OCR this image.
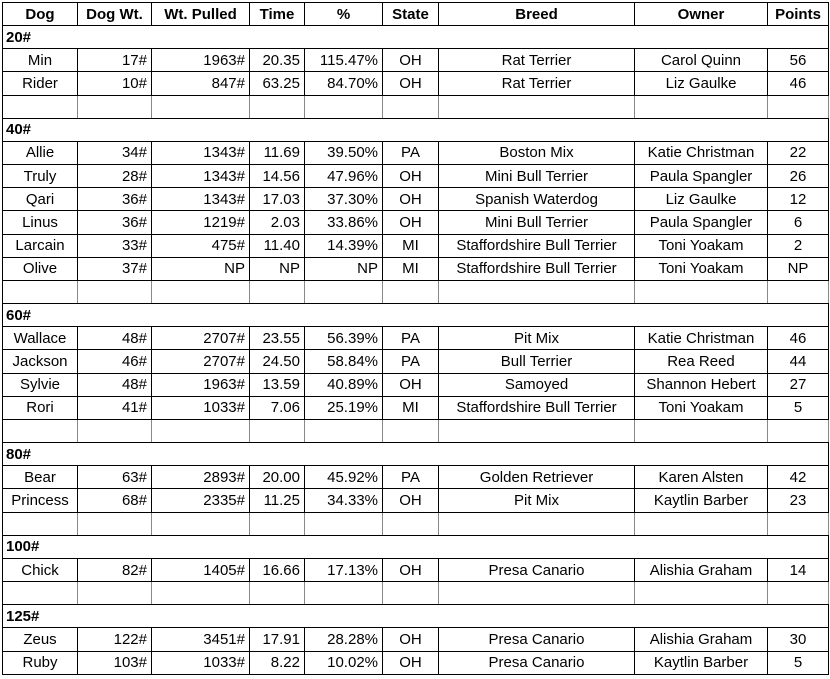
Dog	Dog Wt.	Wt. Pulled	Time	%	State	Breed	Owner	Points
20#								
Min	17#	1963#	20.35	115.47%	OH	Rat Terrier	Carol Quinn	56
Rider	10#	847#	63.25	84.70%	OH	Rat Terrier	Liz Gaulke	46

40#								
Allie	34#	1343#	11.69	39.50%	PA	Boston Mix	Katie Christman	22
Truly	28#	1343#	14.56	47.96%	OH	Mini Bull Terrier	Paula Spangler	26
Qari	36#	1343#	17.03	37.30%	OH	Spanish Waterdog	Liz Gaulke	12
Linus	36#	1219#	2.03	33.86%	OH	Mini Bull Terrier	Paula Spangler	6
Larcain	33#	475#	11.40	14.39%	MI	Staffordshire Bull Terrier	Toni Yoakam	2
Olive	37#	NP	NP	NP	MI	Staffordshire Bull Terrier	Toni Yoakam	NP

60#								
Wallace	48#	2707#	23.55	56.39%	PA	Pit Mix	Katie Christman	46
Jackson	46#	2707#	24.50	58.84%	PA	Bull Terrier	Rea Reed	44
Sylvie	48#	1963#	13.59	40.89%	OH	Samoyed	Shannon Hebert	27
Rori	41#	1033#	7.06	25.19%	MI	Staffordshire Bull Terrier	Toni Yoakam	5

80#								
Bear	63#	2893#	20.00	45.92%	PA	Golden Retriever	Karen Alsten	42
Princess	68#	2335#	11.25	34.33%	OH	Pit Mix	Kaytlin Barber	23

100#								
Chick	82#	1405#	16.66	17.13%	OH	Presa Canario	Alishia Graham	14

125#								
Zeus	122#	3451#	17.91	28.28%	OH	Presa Canario	Alishia Graham	30
Ruby	103#	1033#	8.22	10.02%	OH	Presa Canario	Kaytlin Barber	5
